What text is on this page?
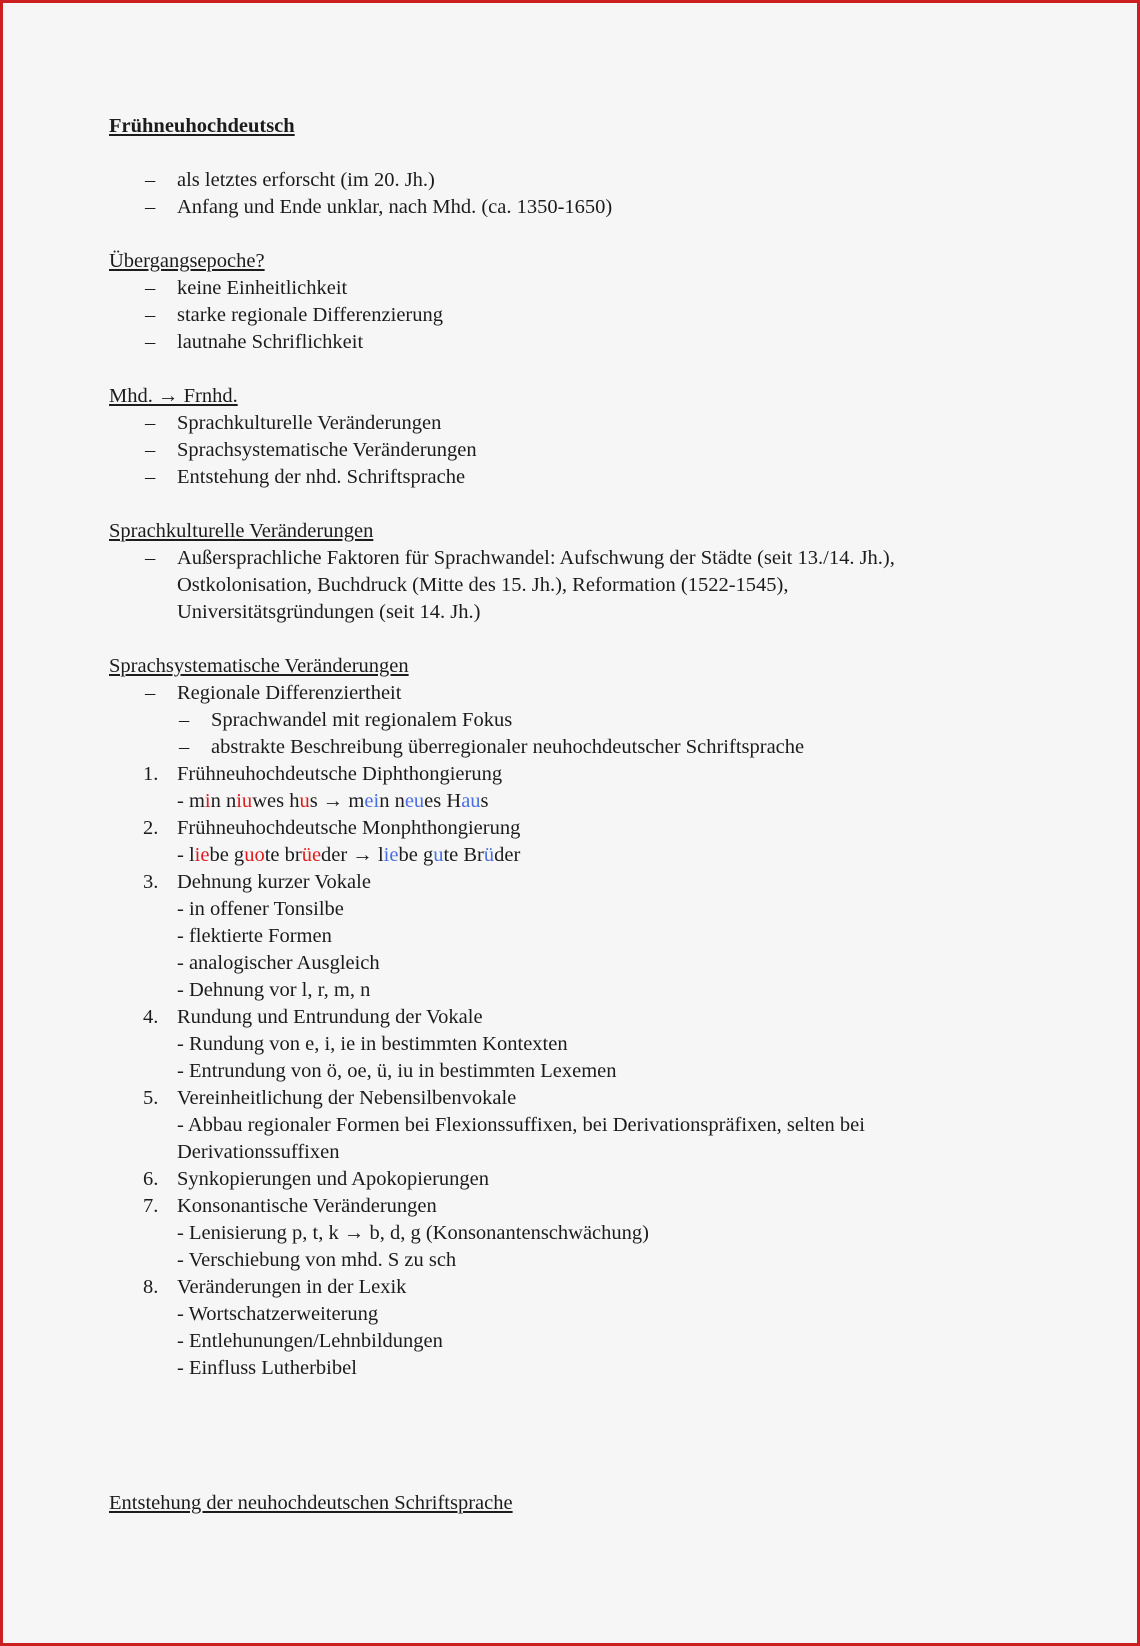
Frühneuhochdeutsch
– als letztes erforscht (im 20. Jh.)
– Anfang und Ende unklar, nach Mhd. (ca. 1350-1650)
Übergangsepoche?
– keine Einheitlichkeit
– starke regionale Differenzierung
– lautnahe Schriflichkeit
Mhd. → Frnhd.
– Sprachkulturelle Veränderungen
– Sprachsystematische Veränderungen
– Entstehung der nhd. Schriftsprache
Sprachkulturelle Veränderungen
– Außersprachliche Faktoren für Sprachwandel: Aufschwung der Städte (seit 13./14. Jh.),
Ostkolonisation, Buchdruck (Mitte des 15. Jh.), Reformation (1522-1545),
Universitätsgründungen (seit 14. Jh.)
Sprachsystematische Veränderungen
– Regionale Differenziertheit
– Sprachwandel mit regionalem Fokus
– abstrakte Beschreibung überregionaler neuhochdeutscher Schriftsprache
1. Frühneuhochdeutsche Diphthongierung
- min niuwes hus → mein neues Haus
2. Frühneuhochdeutsche Monphthongierung
- liebe guote brüeder → liebe gute Brüder
3. Dehnung kurzer Vokale
- in offener Tonsilbe
- flektierte Formen
- analogischer Ausgleich
- Dehnung vor l, r, m, n
4. Rundung und Entrundung der Vokale
- Rundung von e, i, ie in bestimmten Kontexten
- Entrundung von ö, oe, ü, iu in bestimmten Lexemen
5. Vereinheitlichung der Nebensilbenvokale
- Abbau regionaler Formen bei Flexionssuffixen, bei Derivationspräfixen, selten bei
Derivationssuffixen
6. Synkopierungen und Apokopierungen
7. Konsonantische Veränderungen
- Lenisierung p, t, k → b, d, g (Konsonantenschwächung)
- Verschiebung von mhd. S zu sch
8. Veränderungen in der Lexik
- Wortschatzerweiterung
- Entlehunungen/Lehnbildungen
- Einfluss Lutherbibel
Entstehung der neuhochdeutschen Schriftsprache
